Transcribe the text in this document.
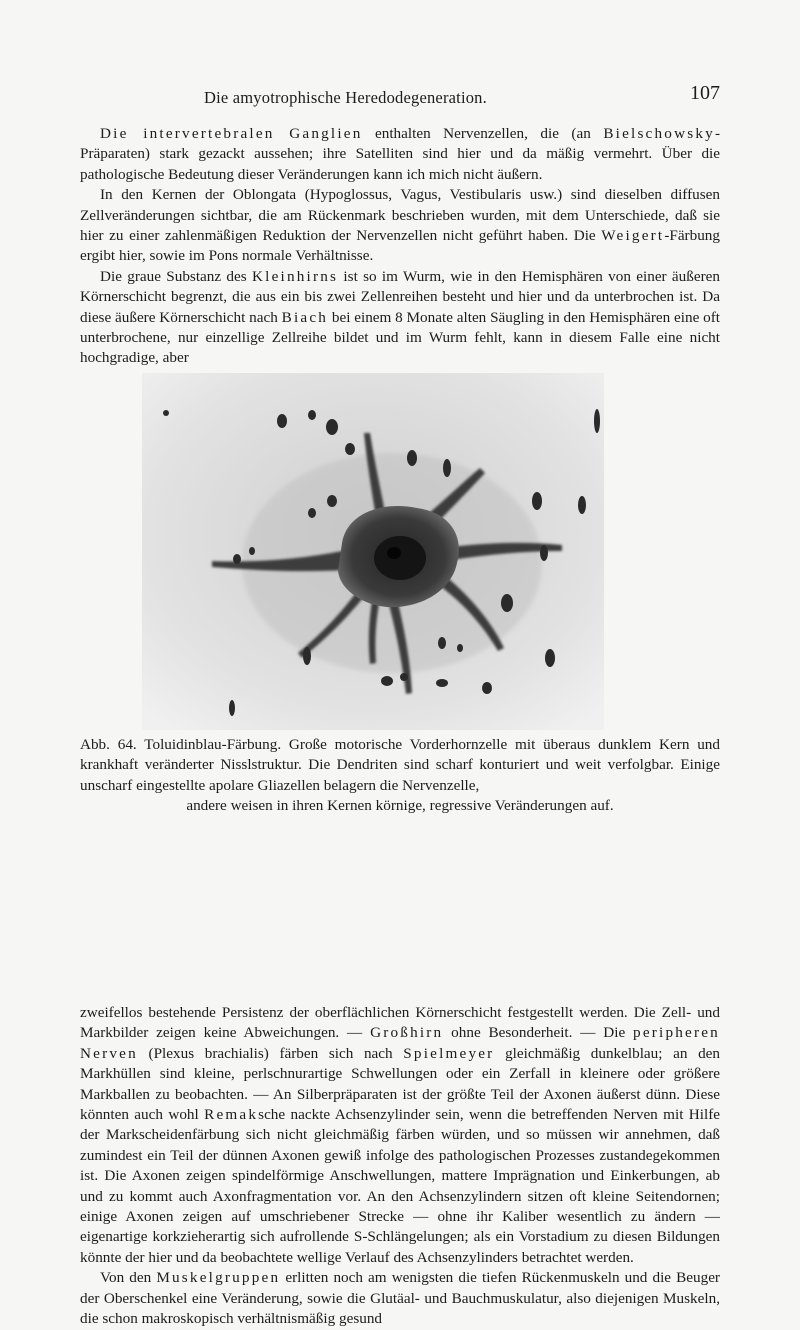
Die amyotrophische Heredodegeneration.	107

Die intervertebralen Ganglien enthalten Nervenzellen, die (an Bielschowsky-Präparaten) stark gezackt aussehen; ihre Satelliten sind hier und da mäßig vermehrt. Über die pathologische Bedeutung dieser Veränderungen kann ich mich nicht äußern.

In den Kernen der Oblongata (Hypoglossus, Vagus, Vestibularis usw.) sind dieselben diffusen Zellveränderungen sichtbar, die am Rückenmark beschrieben wurden, mit dem Unterschiede, daß sie hier zu einer zahlenmäßigen Reduktion der Nervenzellen nicht geführt haben. Die Weigert-Färbung ergibt hier, sowie im Pons normale Verhältnisse.

Die graue Substanz des Kleinhirns ist so im Wurm, wie in den Hemisphären von einer äußeren Körnerschicht begrenzt, die aus ein bis zwei Zellenreihen besteht und hier und da unterbrochen ist. Da diese äußere Körnerschicht nach Biach bei einem 8 Monate alten Säugling in den Hemisphären eine oft unterbrochene, nur einzellige Zellreihe bildet und im Wurm fehlt, kann in diesem Falle eine nicht hochgradige, aber

Abb. 64. Toluidinblau-Färbung. Große motorische Vorderhornzelle mit überaus dunklem Kern und krankhaft veränderter Nisslstruktur. Die Dendriten sind scharf konturiert und weit verfolgbar. Einige unscharf eingestellte apolare Gliazellen belagern die Nervenzelle,
andere weisen in ihren Kernen körnige, regressive Veränderungen auf.

zweifellos bestehende Persistenz der oberflächlichen Körnerschicht festgestellt werden. Die Zell- und Markbilder zeigen keine Abweichungen. — Großhirn ohne Besonderheit. — Die peripheren Nerven (Plexus brachialis) färben sich nach Spielmeyer gleichmäßig dunkelblau; an den Markhüllen sind kleine, perlschnurartige Schwellungen oder ein Zerfall in kleinere oder größere Markballen zu beobachten. — An Silberpräparaten ist der größte Teil der Axonen äußerst dünn. Diese könnten auch wohl Remaksche nackte Achsenzylinder sein, wenn die betreffenden Nerven mit Hilfe der Markscheidenfärbung sich nicht gleichmäßig färben würden, und so müssen wir annehmen, daß zumindest ein Teil der dünnen Axonen gewiß infolge des pathologischen Prozesses zustandegekommen ist. Die Axonen zeigen spindelförmige Anschwellungen, mattere Imprägnation und Einkerbungen, ab und zu kommt auch Axonfragmentation vor. An den Achsenzylindern sitzen oft kleine Seitendornen; einige Axonen zeigen auf umschriebener Strecke — ohne ihr Kaliber wesentlich zu ändern — eigenartige korkzieherartig sich aufrollende S-Schlängelungen; als ein Vorstadium zu diesen Bildungen könnte der hier und da beobachtete wellige Verlauf des Achsenzylinders betrachtet werden.

Von den Muskelgruppen erlitten noch am wenigsten die tiefen Rückenmuskeln und die Beuger der Oberschenkel eine Veränderung, sowie die Glutäal- und Bauchmuskulatur, also diejenigen Muskeln, die schon makroskopisch verhältnismäßig gesund
